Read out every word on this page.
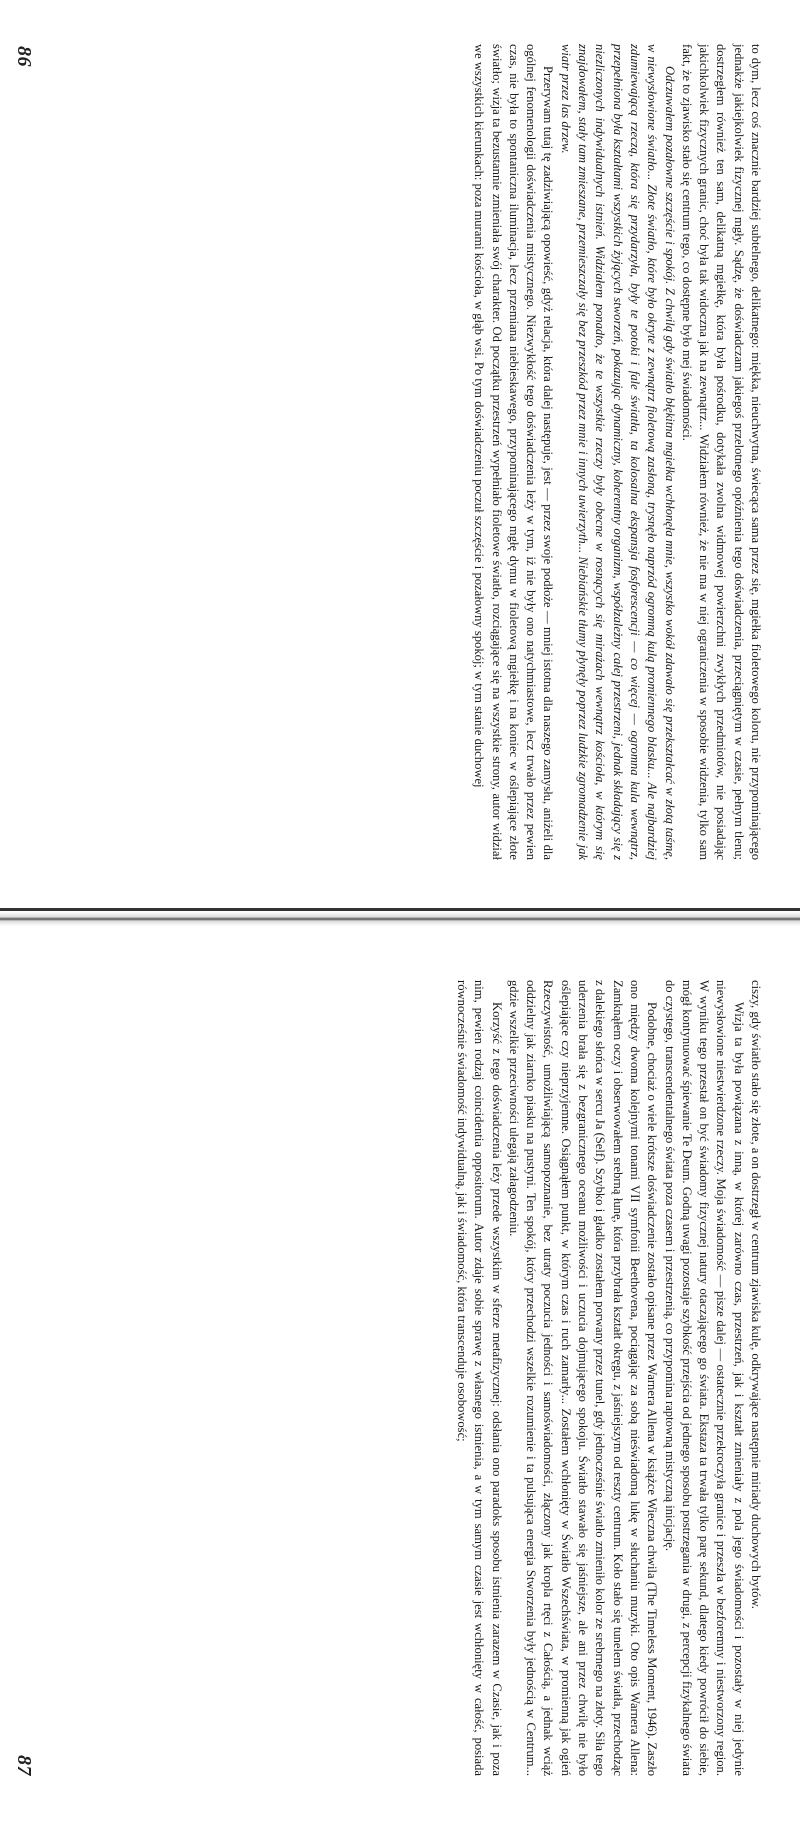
to dym, lecz coś znacznie bardziej subtelnego, delikatnego: miękka, nieuchwytna, świecąca sama przez się, mgiełka fioletowego koloru, nie przypominającego jednakże jakiejkolwiek fizycznej mgły. Sądzę, że doświadczam jakiegoś przelotnego opóźnienia tego doświadczenia, przeciągniętym w czasie, pełnym tlenu; dostrzegłem również ten sam, delikatną mgiełkę, która była pośrodku, dotykała zwolna widmowej powierzchni zwykłych przedmiotów, nie posiadając jakichkolwiek fizycznych granic, choć była tak widoczna jak na zewnątrz... Widziałem również, że nie ma w niej ograniczenia w sposobie widzenia, tylko sam fakt, że to zjawisko stało się centrum tego, co dostępne było mej świadomości.

Odczuwałem pozałowne szczęście i spokój. Z chwilą gdy światło błękitna mgiełka wchłonęła mnie, wszystko wokół zdawało się przekształcać w złotą taśmę, w niewysłowione światło... Złote światło, które było okryte z zewnątrz fioletową zasłoną, trysnęło naprzód ogromną kulą promiennego blasku... Ale najbardziej zdumiewającą rzeczą, która się przydarzyła, były te potoki i fale światła, ta kolosalna ekspansja fosforescencji — co więcej — ogromna kula wewnątrz, przepełniona była kształtami wszystkich żyjących stworzeń, pokazując dynamiczny, koherentny organizm, współzależny całej przestrzeni, jednak składający się z niezliczonych indywidualnych istnień. Widziałem ponadto, że te wszystkie rzeczy były obecne w rosnących się mirażach wewnątrz kościoła, w którym się znajdowałem, stały tam zmieszane, przemieszczały się bez przeszkód przez mnie i innych uwierzyth... Niebiańskie tłumy płynęły poprzez ludzkie zgromadzenie jak wiatr przez las drzew.

Przerywam tutaj tę zadziwiającą opowieść, gdyż relacja, która dalej następuje, jest — przez swoje podłoże — mniej istotna dla naszego zamysłu, aniżeli dla ogólnej fenomenologii doświadczenia mistycznego. Niezwykłość tego doświadczenia leży w tym, iż nie były ono natychmiastowe, lecz trwało przez pewien czas, nie była to spontaniczna iluminacja, lecz przemiana niebieskawego, przypominającego mgłę dymu w fioletową mgiełkę i na koniec w oślepiające złote światło; wizja ta bezustannie zmieniała swój charakter. Od początku przestrzeń wypełniało fioletowe światło, rozciągające się na wszystkie strony, autor widział we wszystkich kierunkach: poza murami kościoła, w głąb wsi. Po tym doświadczeniu poczuł szczęście i pozałowny spokój; w tym stanie duchowej

86

ciszy, gdy światło stało się złote, a on dostrzegł w centrum zjawiska kulę, odkrywające następnie miriady duchowych bytów.

Wizja ta była powiązana z inną, w której zarówno czas, przestrzeń, jak i kształt zmieniały z pola jego świadomości i pozostały w niej jedynie niewysłowione niestwierdzone rzeczy. Moja świadomość — pisze dalej — ostatecznie przekroczyła granice i przeszła w bezforemny i niestworzony region. W wyniku tego przestał on być świadomy fizycznej natury otaczającego go świata. Ekstaza ta trwała tylko parę sekund, dlatego kiedy powrócił do siebie, mógł kontynuować śpiewanie Te Deum. Godną uwagi pozostaje szybkość przejścia od jednego sposobu postrzegania w drugi, z percepcji fizykalnego świata do czystego, transcendentalnego świata poza czasem i przestrzenią, co przypomina raptowną mistyczną inicjację.

Podobne, chociaż o wiele krótsze doświadczenie zostało opisane przez Warnera Allena w książce Wieczna chwila (The Timeless Moment, 1946). Zaszło ono między dwoma kolejnymi tonami VII symfonii Beethovena, pociągając za sobą nieświadomą lukę w słuchaniu muzyki. Oto opis Warnera Allena: Zamknąłem oczy i obserwowałem srebrną łunę, która przybrała kształt okręgu, z jaśniejszym od reszty centrum. Koło stało się tunelem światła, przechodząc z dalekiego słońca w sercu Ja (Self). Szybko i gładko zostałem porwany przez tunel, gdy jednocześnie światło zmieniło kolor ze srebrnego na złoty. Siła tego uderzenia brała się z bezgranicznego oceanu możliwości i uczucia dojmującego spokoju. Światło stawało się jaśniejsze, ale ani przez chwilę nie było oślepiające czy nieprzyjemne. Osiągnąłem punkt, w którym czas i ruch zamarły... Zostałem wchłonięty w Światło Wszechświata, w promienną jak ogień Rzeczywistość, umożliwiającą samopoznanie, bez utraty poczucia jedności i samoświadomości, złączony jak kropla rtęci z Całością, a jednak wciąż oddzielny jak ziarnko piasku na pustyni. Ten spokój, który przechodzi wszelkie rozumienie i ta pulsująca energia Stworzenia były jednością w Centrum... gdzie wszelkie przeciwności ulegają załagodzeniu.

Korzyść z tego doświadczenia leży przede wszystkim w sferze metafizycznej: odsłania ono paradoks sposobu istnienia zarazem w Czasie, jak i poza nim, pewien rodzaj coincidentia oppositorum. Autor zdaje sobie sprawę z własnego istnienia, a w tym samym czasie jest wchłonięty w całość, posiada równocześnie świadomość indywidualną, jak i świadomość, która transcenduje osobowość;

87
